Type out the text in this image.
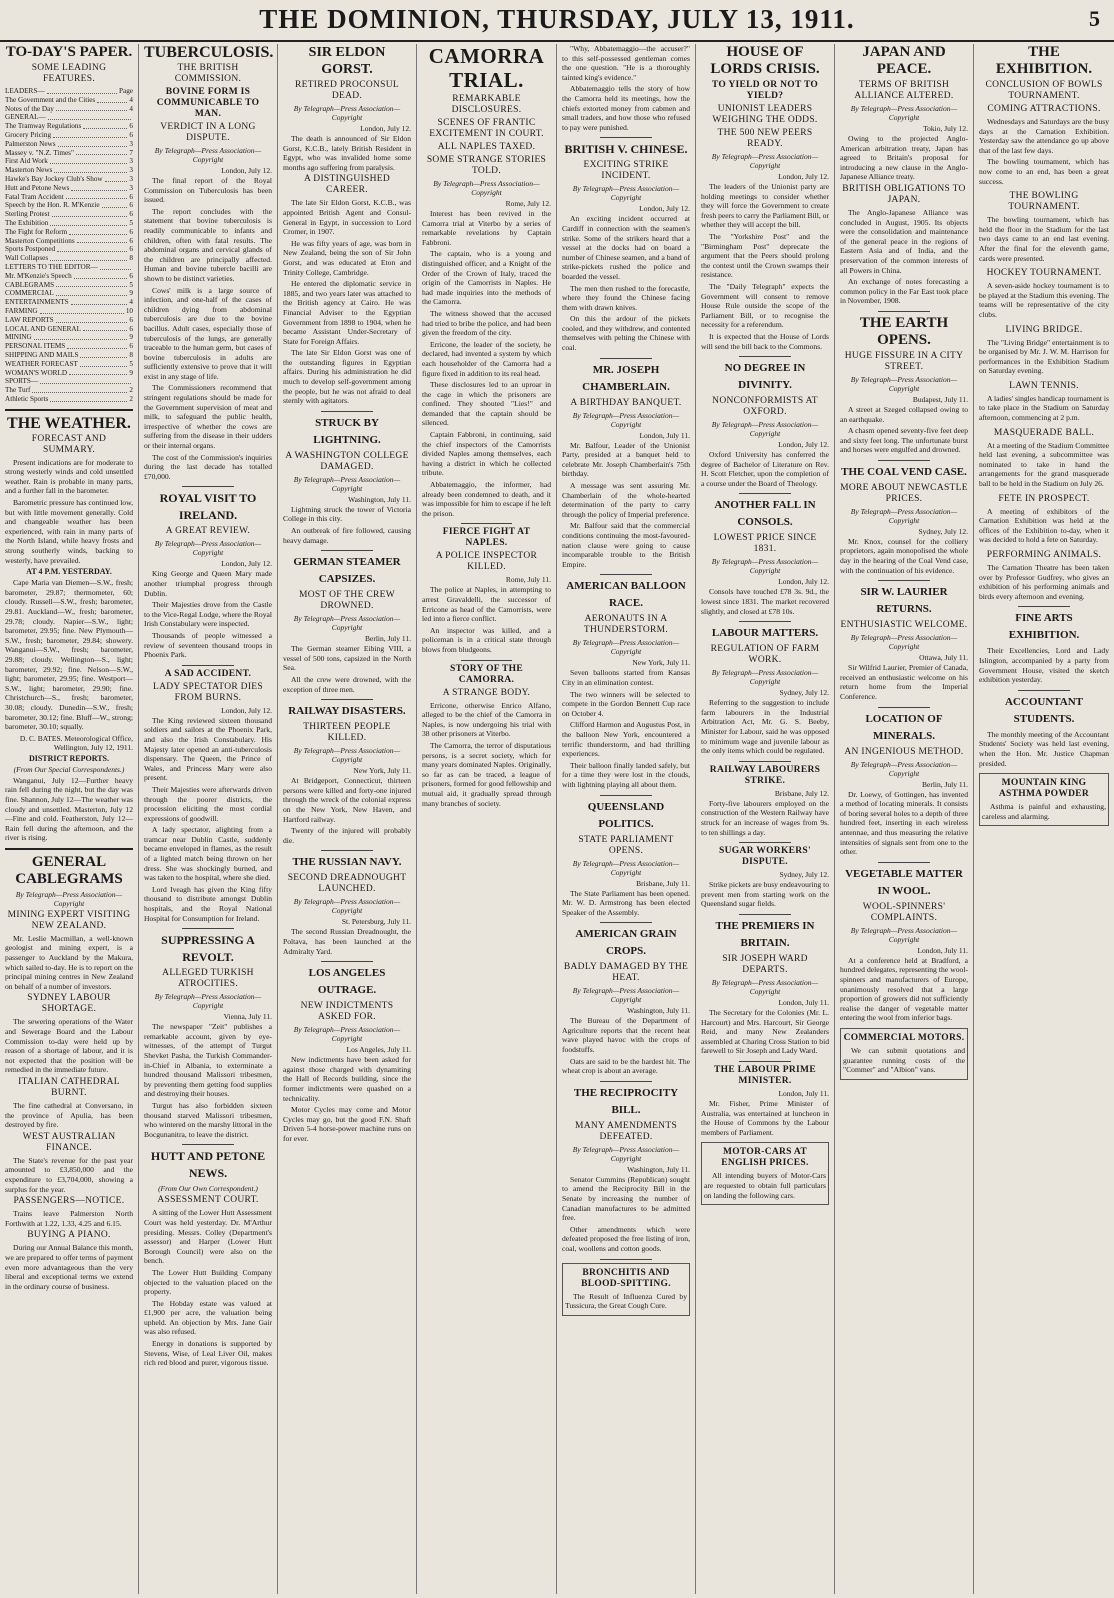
THE DOMINION, THURSDAY, JULY 13, 1911.	5
TO-DAY'S PAPER.
SOME LEADING FEATURES.
LEADERS—	Page
The Government and the Cities	4
Notes of the Day	4
GENERAL—
The Tramway Regulations	6
Grocery Pricing	6
Palmerston News	3
Massey v. "N.Z. Times"	7
First Aid Work	3
Masterton News	3
Hawke's Bay Jockey Club's Show	3
Hutt and Petone News	3
Fatal Tram Accident	6
Speech by the Hon. R. M'Kenzie	6
Sterling Protest	6
The Exhibition	5
The Fight for Reform	6
Masterton Competitions	6
Sports Postponed	6
Wall Collapses	8
LETTERS TO THE EDITOR—
Mr. M'Kenzie's Speech	6
CABLEGRAMS	5
COMMERCIAL	9
ENTERTAINMENTS	4
FARMING	10
LAW REPORTS	6
LOCAL AND GENERAL	6
MINING	9
PERSONAL ITEMS	6
SHIPPING AND MAILS	8
WEATHER FORECAST	5
WOMAN'S WORLD	9
SPORTS—
The Turf	2
Athletic Sports	2
THE WEATHER.
FORECAST AND SUMMARY.

Present indications are for moderate to strong westerly winds and cold unsettled weather. Rain is probable in many parts, and a further fall in the barometer.

Barometric pressure has continued low, but with little movement generally. Cold and changeable weather has been experienced, with rain in many parts of the North Island, while heavy frosts and strong southerly winds, backing to westerly, have prevailed.

AT 4 P.M. YESTERDAY.

Cape Maria van Diemen—S.W., fresh; barometer, 29.87; thermometer, 60; cloudy. Russell—S.W., fresh; barometer, 29.81. Auckland—W., fresh; barometer, 29.78; cloudy. Napier—S.W., light; barometer, 29.95; fine. New Plymouth—S.W., fresh; barometer, 29.84; showery. Wanganui—S.W., fresh; barometer, 29.88; cloudy. Wellington—S., light; barometer, 29.92; fine. Nelson—S.W., light; barometer, 29.95; fine. Westport—S.W., light; barometer, 29.90; fine. Christchurch—S., fresh; barometer, 30.08; cloudy. Dunedin—S.W., fresh; barometer, 30.12; fine. Bluff—W., strong; barometer, 30.10; squally.

D. C. BATES. Meteorological Office, Wellington, July 12, 1911.
DISTRICT REPORTS.
(From Our Special Correspondents.)

Wanganui, July 12—Further heavy rain fell during the night, but the day was fine. Shannon, July 12—The weather was cloudy and unsettled. Masterton, July 12—Fine and cold. Featherston, July 12—Rain fell during the afternoon, and the river is rising.

GENERAL CABLEGRAMS
By Telegraph—Press Association—Copyright
MINING EXPERT VISITING NEW ZEALAND.

Mr. Leslie Macmillan, a well-known geologist and mining expert, is a passenger to Auckland by the Makura, which sailed to-day. He is to report on the principal mining centres in New Zealand on behalf of a number of investors.

SYDNEY LABOUR SHORTAGE.

The sewering operations of the Water and Sewerage Board and the Labour Commission to-day were held up by reason of a shortage of labour, and it is not expected that the position will be remedied in the immediate future.

ITALIAN CATHEDRAL BURNT.

The fine cathedral at Conversano, in the province of Apulia, has been destroyed by fire.

WEST AUSTRALIAN FINANCE.

The State's revenue for the past year amounted to £3,850,000 and the expenditure to £3,704,000, showing a surplus for the year.

PASSENGERS—NOTICE.

Trains leave Palmerston North Forthwith at 1.22, 1.33, 4.25 and 6.15.

BUYING A PIANO.

During our Annual Balance this month, we are prepared to offer terms of payment even more advantageous than the very liberal and exceptional terms we extend in the ordinary course of business.

TUBERCULOSIS.
THE BRITISH COMMISSION.
BOVINE FORM IS COMMUNICABLE TO MAN.
VERDICT IN A LONG DISPUTE.
By Telegraph—Press Association—Copyright
London, July 12.

The final report of the Royal Commission on Tuberculosis has been issued.

The report concludes with the statement that bovine tuberculosis is readily communicable to infants and children, often with fatal results. The abdominal organs and cervical glands of the children are principally affected. Human and bovine tubercle bacilli are shown to be distinct varieties.

Cows' milk is a large source of infection, and one-half of the cases of children dying from abdominal tuberculosis are due to the bovine bacillus. Adult cases, especially those of tuberculosis of the lungs, are generally traceable to the human germ, but cases of bovine tuberculosis in adults are sufficiently extensive to prove that it will exist in any stage of life.

The Commissioners recommend that stringent regulations should be made for the Government supervision of meat and milk, to safeguard the public health, irrespective of whether the cows are suffering from the disease in their udders or their internal organs.

The cost of the Commission's inquiries during the last decade has totalled £70,000.

ROYAL VISIT TO IRELAND.
A GREAT REVIEW.
By Telegraph—Press Association—Copyright
London, July 12.

King George and Queen Mary made another triumphal progress through Dublin.

Their Majesties drove from the Castle to the Vice-Regal Lodge, where the Royal Irish Constabulary were inspected.

Thousands of people witnessed a review of seventeen thousand troops in Phoenix Park.

A SAD ACCIDENT.
LADY SPECTATOR DIES FROM BURNS.
London, July 12.

The King reviewed sixteen thousand soldiers and sailors at the Phoenix Park, and also the Irish Constabulary. His Majesty later opened an anti-tuberculosis dispensary. The Queen, the Prince of Wales, and Princess Mary were also present.

Their Majesties were afterwards driven through the poorer districts, the procession eliciting the most cordial expressions of goodwill.

A lady spectator, alighting from a tramcar near Dublin Castle, suddenly became enveloped in flames, as the result of a lighted match being thrown on her dress. She was shockingly burned, and was taken to the hospital, where she died.

Lord Iveagh has given the King fifty thousand to distribute amongst Dublin hospitals, and the Royal National Hospital for Consumption for Ireland.

SUPPRESSING A REVOLT.
ALLEGED TURKISH ATROCITIES.
By Telegraph—Press Association—Copyright
Vienna, July 11.

The newspaper "Zeit" publishes a remarkable account, given by eye-witnesses, of the attempt of Turgut Shevket Pasha, the Turkish Commander-in-Chief in Albania, to exterminate a hundred thousand Malissori tribesmen, by preventing them getting food supplies and destroying their houses.

Turgut has also forbidden sixteen thousand starved Malissori tribesmen, who wintered on the marshy littoral in the Bocgunanitra, to leave the district.

HUTT AND PETONE NEWS.
(From Our Own Correspondent.)
ASSESSMENT COURT.

A sitting of the Lower Hutt Assessment Court was held yesterday. Dr. M'Arthur presiding. Messrs. Colley (Department's assessor) and Harper (Lower Hutt Borough Council) were also on the bench.

The Lower Hutt Building Company objected to the valuation placed on the property.

The Hobday estate was valued at £1,900 per acre, the valuation being upheld. An objection by Mrs. Jane Gair was also refused.

Energy in donations is supported by Stevens, Wise, of Leal Liver Oil, makes rich red blood and purer, vigorous tissue.

SIR ELDON GORST.
RETIRED PROCONSUL DEAD.
By Telegraph—Press Association—Copyright
London, July 12.

The death is announced of Sir Eldon Gorst, K.C.B., lately British Resident in Egypt, who was invalided home some months ago suffering from paralysis.

A DISTINGUISHED CAREER.

The late Sir Eldon Gorst, K.C.B., was appointed British Agent and Consul-General in Egypt, in succession to Lord Cromer, in 1907.

He was fifty years of age, was born in New Zealand, being the son of Sir John Gorst, and was educated at Eton and Trinity College, Cambridge.

He entered the diplomatic service in 1885, and two years later was attached to the British agency at Cairo. He was Financial Adviser to the Egyptian Government from 1898 to 1904, when he became Assistant Under-Secretary of State for Foreign Affairs.

The late Sir Eldon Gorst was one of the outstanding figures in Egyptian affairs. During his administration he did much to develop self-government among the people, but he was not afraid to deal sternly with agitators.

STRUCK BY LIGHTNING.
A WASHINGTON COLLEGE DAMAGED.
By Telegraph—Press Association—Copyright
Washington, July 11.

Lightning struck the tower of Victoria College in this city.

An outbreak of fire followed, causing heavy damage.

GERMAN STEAMER CAPSIZES.
MOST OF THE CREW DROWNED.
By Telegraph—Press Association—Copyright
Berlin, July 11.

The German steamer Eibing VIII, a vessel of 500 tons, capsized in the North Sea.

All the crew were drowned, with the exception of three men.

RAILWAY DISASTERS.
THIRTEEN PEOPLE KILLED.
By Telegraph—Press Association—Copyright
New York, July 11.

At Bridgeport, Connecticut, thirteen persons were killed and forty-one injured through the wreck of the colonial express on the New York, New Haven, and Hartford railway.

Twenty of the injured will probably die.

THE RUSSIAN NAVY.
SECOND DREADNOUGHT LAUNCHED.
By Telegraph—Press Association—Copyright
St. Petersburg, July 11.

The second Russian Dreadnought, the Poltava, has been launched at the Admiralty Yard.

LOS ANGELES OUTRAGE.
NEW INDICTMENTS ASKED FOR.
By Telegraph—Press Association—Copyright
Los Angeles, July 11.

New indictments have been asked for against those charged with dynamiting the Hall of Records building, since the former indictments were quashed on a technicality.

Motor Cycles may come and Motor Cycles may go, but the good F.N. Shaft Driven 5-4 horse-power machine runs on for ever.

CAMORRA TRIAL.
REMARKABLE DISCLOSURES.
SCENES OF FRANTIC EXCITEMENT IN COURT.
ALL NAPLES TAXED.
SOME STRANGE STORIES TOLD.
By Telegraph—Press Association—Copyright
Rome, July 12.

Interest has been revived in the Camorra trial at Viterbo by a series of remarkable revelations by Captain Fabbroni.

The captain, who is a young and distinguished officer, and a Knight of the Order of the Crown of Italy, traced the origin of the Camorrists in Naples. He had made inquiries into the methods of the Camorra.

The witness showed that the accused had tried to bribe the police, and had been given the freedom of the city.

Erricone, the leader of the society, he declared, had invented a system by which each householder of the Camorra had a figure fixed in addition to its real head.

These disclosures led to an uproar in the cage in which the prisoners are confined. They shouted "Lies!" and demanded that the captain should be silenced.

Captain Fabbroni, in continuing, said the chief inspectors of the Camorrists divided Naples among themselves, each having a district in which he collected tribute.

Abbatemaggio, the informer, had already been condemned to death, and it was impossible for him to escape if he left the prison.

FIERCE FIGHT AT NAPLES.
A POLICE INSPECTOR KILLED.
Rome, July 11.

The police at Naples, in attempting to arrest Gravaldelli, the successor of Erricone as head of the Camorrists, were led into a fierce conflict.

An inspector was killed, and a policeman is in a critical state through blows from bludgeons.

STORY OF THE CAMORRA.
A STRANGE BODY.

Erricone, otherwise Enrico Alfano, alleged to be the chief of the Camorra in Naples, is now undergoing his trial with 38 other prisoners at Viterbo.

The Camorra, the terror of disputatious persons, is a secret society, which for many years dominated Naples. Originally, so far as can be traced, a league of prisoners, formed for good fellowship and mutual aid, it gradually spread through many branches of society.

"Why, Abbatemaggio—the accuser?" to this self-possessed gentleman comes the one question. "He is a thoroughly tainted king's evidence."

Abbatemaggio tells the story of how the Camorra held its meetings, how the chiefs extorted money from cabmen and small traders, and how those who refused to pay were punished.

BRITISH V. CHINESE.
EXCITING STRIKE INCIDENT.
By Telegraph—Press Association—Copyright
London, July 12.

An exciting incident occurred at Cardiff in connection with the seamen's strike. Some of the strikers heard that a vessel at the docks had on board a number of Chinese seamen, and a band of strike-pickets rushed the police and boarded the vessel.

The men then rushed to the forecastle, where they found the Chinese facing them with drawn knives.

On this the ardour of the pickets cooled, and they withdrew, and contented themselves with pelting the Chinese with coal.

MR. JOSEPH CHAMBERLAIN.
A BIRTHDAY BANQUET.
By Telegraph—Press Association—Copyright
London, July 11.

Mr. Balfour, Leader of the Unionist Party, presided at a banquet held to celebrate Mr. Joseph Chamberlain's 75th birthday.

A message was sent assuring Mr. Chamberlain of the whole-hearted determination of the party to carry through the policy of Imperial preference.

Mr. Balfour said that the commercial conditions continuing the most-favoured-nation clause were going to cause incomparable trouble to the British Empire.

AMERICAN BALLOON RACE.
AERONAUTS IN A THUNDERSTORM.
By Telegraph—Press Association—Copyright
New York, July 11.

Seven balloons started from Kansas City in an elimination contest.

The two winners will be selected to compete in the Gordon Bennett Cup race on October 4.

Clifford Harmon and Augustus Post, in the balloon New York, encountered a terrific thunderstorm, and had thrilling experiences.

Their balloon finally landed safely, but for a time they were lost in the clouds, with lightning playing all about them.

QUEENSLAND POLITICS.
STATE PARLIAMENT OPENS.
By Telegraph—Press Association—Copyright
Brisbane, July 11.

The State Parliament has been opened. Mr. W. D. Armstrong has been elected Speaker of the Assembly.

AMERICAN GRAIN CROPS.
BADLY DAMAGED BY THE HEAT.
By Telegraph—Press Association—Copyright
Washington, July 11.

The Bureau of the Department of Agriculture reports that the recent heat wave played havoc with the crops of foodstuffs.

Oats are said to be the hardest hit. The wheat crop is about an average.

THE RECIPROCITY BILL.
MANY AMENDMENTS DEFEATED.
By Telegraph—Press Association—Copyright
Washington, July 11.

Senator Cummins (Republican) sought to amend the Reciprocity Bill in the Senate by increasing the number of Canadian manufactures to be admitted free.

Other amendments which were defeated proposed the free listing of iron, coal, woollens and cotton goods.

BRONCHITIS AND BLOOD-SPITTING.

The Result of Influenza Cured by Tussicura, the Great Cough Cure.

HOUSE OF LORDS CRISIS.
TO YIELD OR NOT TO YIELD?
UNIONIST LEADERS WEIGHING THE ODDS.
THE 500 NEW PEERS READY.
By Telegraph—Press Association—Copyright
London, July 12.

The leaders of the Unionist party are holding meetings to consider whether they will force the Government to create fresh peers to carry the Parliament Bill, or whether they will accept the bill.

The "Yorkshire Post" and the "Birmingham Post" deprecate the argument that the Peers should prolong the contest until the Crown swamps their resistance.

The "Daily Telegraph" expects the Government will consent to remove House Rule outside the scope of the Parliament Bill, or to recognise the necessity for a referendum.

It is expected that the House of Lords will send the bill back to the Commons.

NO DEGREE IN DIVINITY.
NONCONFORMISTS AT OXFORD.
By Telegraph—Press Association—Copyright
London, July 12.

Oxford University has conferred the degree of Bachelor of Literature on Rev. H. Scott Fletcher, upon the completion of a course under the Board of Theology.

ANOTHER FALL IN CONSOLS.
LOWEST PRICE SINCE 1831.
By Telegraph—Press Association—Copyright
London, July 12.

Consols have touched £78 3s. 9d., the lowest since 1831. The market recovered slightly, and closed at £78 10s.

LABOUR MATTERS.
REGULATION OF FARM WORK.
By Telegraph—Press Association—Copyright
Sydney, July 12.

Referring to the suggestion to include farm labourers in the Industrial Arbitration Act, Mr. G. S. Beeby, Minister for Labour, said he was opposed to minimum wage and juvenile labour as the only items which could be regulated.

RAILWAY LABOURERS STRIKE.
Brisbane, July 12.

Forty-five labourers employed on the construction of the Western Railway have struck for an increase of wages from 9s. to ten shillings a day.

SUGAR WORKERS' DISPUTE.
Sydney, July 12.

Strike pickets are busy endeavouring to prevent men from starting work on the Queensland sugar fields.

THE PREMIERS IN BRITAIN.
SIR JOSEPH WARD DEPARTS.
By Telegraph—Press Association—Copyright
London, July 11.

The Secretary for the Colonies (Mr. L. Harcourt) and Mrs. Harcourt, Sir George Reid, and many New Zealanders assembled at Charing Cross Station to bid farewell to Sir Joseph and Lady Ward.

THE LABOUR PRIME MINISTER.
London, July 11.

Mr. Fisher, Prime Minister of Australia, was entertained at luncheon in the House of Commons by the Labour members of Parliament.

MOTOR-CARS AT ENGLISH PRICES.

All intending buyers of Motor-Cars are requested to obtain full particulars on landing the following cars.

JAPAN AND PEACE.
TERMS OF BRITISH ALLIANCE ALTERED.
By Telegraph—Press Association—Copyright
Tokio, July 12.

Owing to the projected Anglo-American arbitration treaty, Japan has agreed to Britain's proposal for introducing a new clause in the Anglo-Japanese Alliance treaty.

BRITISH OBLIGATIONS TO JAPAN.

The Anglo-Japanese Alliance was concluded in August, 1905. Its objects were the consolidation and maintenance of the general peace in the regions of Eastern Asia and of India, and the preservation of the common interests of all Powers in China.

An exchange of notes forecasting a common policy in the Far East took place in November, 1908.

THE EARTH OPENS.
HUGE FISSURE IN A CITY STREET.
By Telegraph—Press Association—Copyright
Budapest, July 11.

A street at Szeged collapsed owing to an earthquake.

A chasm opened seventy-five feet deep and sixty feet long. The unfortunate burst and horses were engulfed and drowned.

THE COAL VEND CASE.
MORE ABOUT NEWCASTLE PRICES.
By Telegraph—Press Association—Copyright
Sydney, July 12.

Mr. Knox, counsel for the colliery proprietors, again monopolised the whole day in the hearing of the Coal Vend case, with the continuation of his evidence.

SIR W. LAURIER RETURNS.
ENTHUSIASTIC WELCOME.
By Telegraph—Press Association—Copyright
Ottawa, July 11.

Sir Wilfrid Laurier, Premier of Canada, received an enthusiastic welcome on his return home from the Imperial Conference.

LOCATION OF MINERALS.
AN INGENIOUS METHOD.
By Telegraph—Press Association—Copyright
Berlin, July 11.

Dr. Loewy, of Gottingen, has invented a method of locating minerals. It consists of boring several holes to a depth of three hundred feet, inserting in each wireless antennae, and thus measuring the relative intensities of signals sent from one to the other.

VEGETABLE MATTER IN WOOL.
WOOL-SPINNERS' COMPLAINTS.
By Telegraph—Press Association—Copyright
London, July 11.

At a conference held at Bradford, a hundred delegates, representing the wool-spinners and manufacturers of Europe, unanimously resolved that a large proportion of growers did not sufficiently realise the danger of vegetable matter entering the wool from inferior bags.

COMMERCIAL MOTORS.

We can submit quotations and guarantee running costs of the "Commer" and "Albion" vans.

THE EXHIBITION.
CONCLUSION OF BOWLS TOURNAMENT.
COMING ATTRACTIONS.

Wednesdays and Saturdays are the busy days at the Carnation Exhibition. Yesterday saw the attendance go up above that of the last few days.

The bowling tournament, which has now come to an end, has been a great success.

THE BOWLING TOURNAMENT.

The bowling tournament, which has held the floor in the Stadium for the last two days came to an end last evening. After the final for the eleventh game, cards were presented.

HOCKEY TOURNAMENT.

A seven-aside hockey tournament is to be played at the Stadium this evening. The teams will be representative of the city clubs.

LIVING BRIDGE.

The "Living Bridge" entertainment is to be organised by Mr. J. W. M. Harrison for performances in the Exhibition Stadium on Saturday evening.

LAWN TENNIS.

A ladies' singles handicap tournament is to take place in the Stadium on Saturday afternoon, commencing at 2 p.m.

MASQUERADE BALL.

At a meeting of the Stadium Committee held last evening, a subcommittee was nominated to take in hand the arrangements for the grand masquerade ball to be held in the Stadium on July 26.

FETE IN PROSPECT.

A meeting of exhibitors of the Carnation Exhibition was held at the offices of the Exhibition to-day, when it was decided to hold a fete on Saturday.

PERFORMING ANIMALS.

The Carnation Theatre has been taken over by Professor Gudfrey, who gives an exhibition of his performing animals and birds every afternoon and evening.

FINE ARTS EXHIBITION.

Their Excellencies, Lord and Lady Islington, accompanied by a party from Government House, visited the sketch exhibition yesterday.

ACCOUNTANT STUDENTS.

The monthly meeting of the Accountant Students' Society was held last evening, when the Hon. Mr. Justice Chapman presided.

MOUNTAIN KING ASTHMA POWDER

Asthma is painful and exhausting, careless and alarming.
